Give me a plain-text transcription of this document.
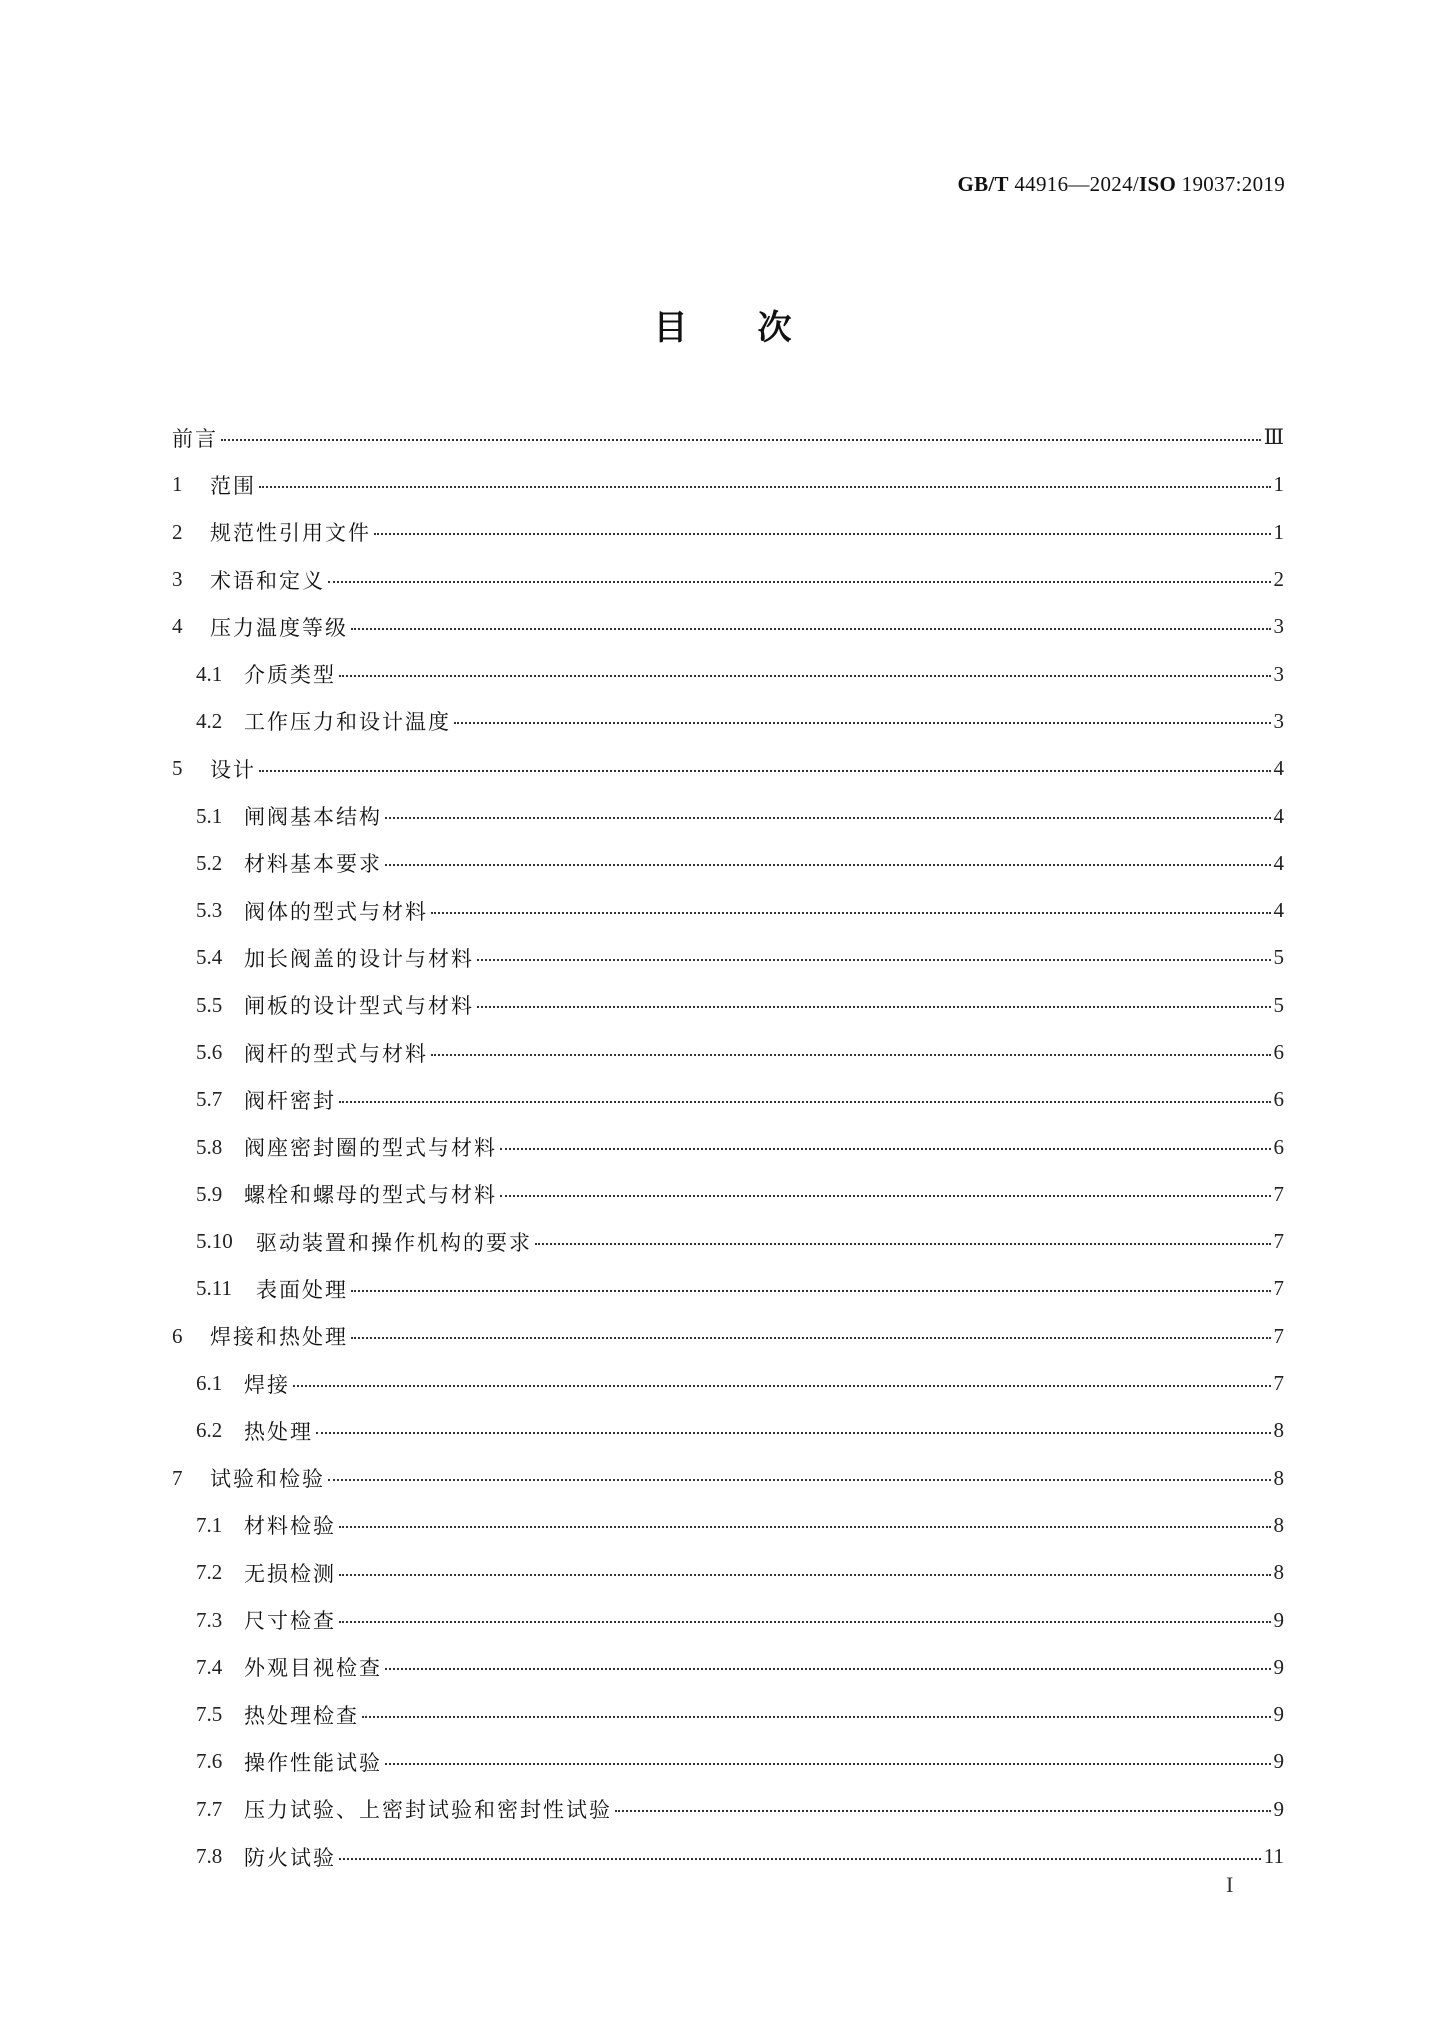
GB/T 44916—2024/ISO 19037:2019
目次
前言	Ⅲ
1	范围	1
2	规范性引用文件	1
3	术语和定义	2
4	压力温度等级	3
4.1	介质类型	3
4.2	工作压力和设计温度	3
5	设计	4
5.1	闸阀基本结构	4
5.2	材料基本要求	4
5.3	阀体的型式与材料	4
5.4	加长阀盖的设计与材料	5
5.5	闸板的设计型式与材料	5
5.6	阀杆的型式与材料	6
5.7	阀杆密封	6
5.8	阀座密封圈的型式与材料	6
5.9	螺栓和螺母的型式与材料	7
5.10	驱动装置和操作机构的要求	7
5.11	表面处理	7
6	焊接和热处理	7
6.1	焊接	7
6.2	热处理	8
7	试验和检验	8
7.1	材料检验	8
7.2	无损检测	8
7.3	尺寸检查	9
7.4	外观目视检查	9
7.5	热处理检查	9
7.6	操作性能试验	9
7.7	压力试验、上密封试验和密封性试验	9
7.8	防火试验	11
I
